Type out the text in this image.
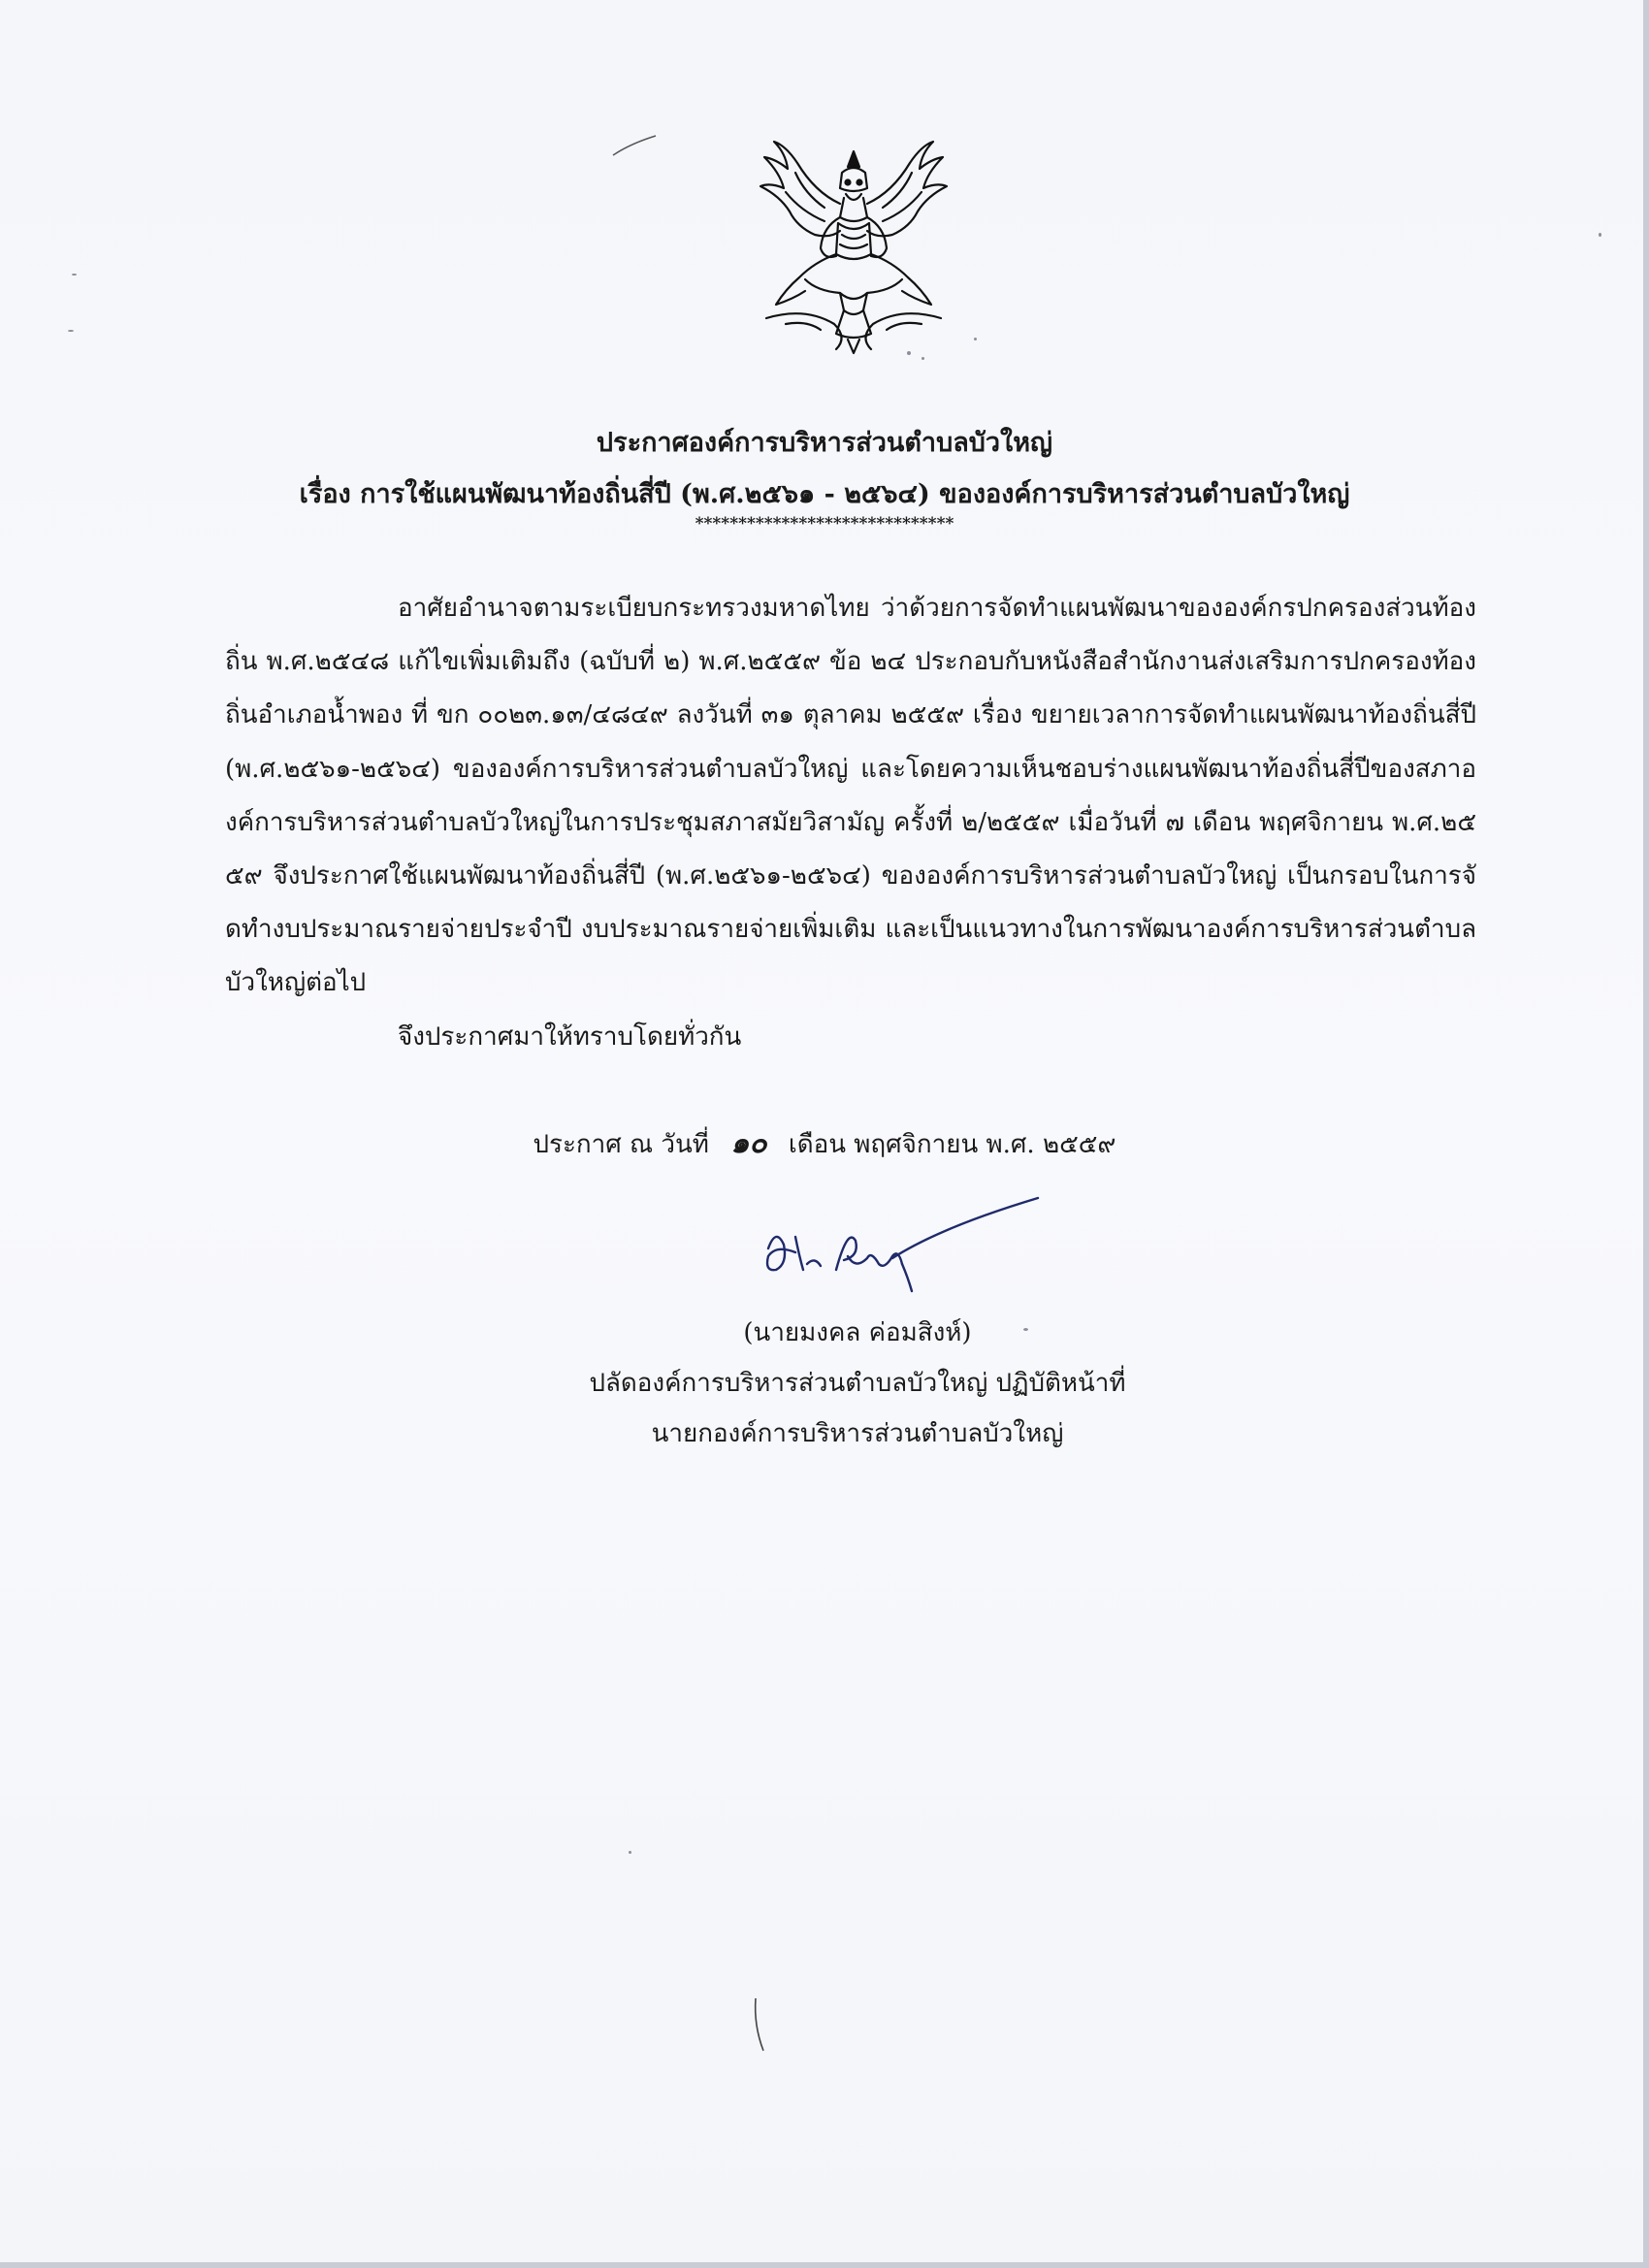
ประกาศองค์การบริหารส่วนตำบลบัวใหญ่
เรื่อง การใช้แผนพัฒนาท้องถิ่นสี่ปี (พ.ศ.๒๕๖๑ - ๒๕๖๔) ขององค์การบริหารส่วนตำบลบัวใหญ่
******************************
อาศัยอำนาจตามระเบียบกระทรวงมหาดไทย ว่าด้วยการจัดทำแผนพัฒนาขององค์กรปกครองส่วนท้องถิ่น พ.ศ.๒๕๔๘ แก้ไขเพิ่มเติมถึง (ฉบับที่ ๒) พ.ศ.๒๕๕๙ ข้อ ๒๔ ประกอบกับหนังสือสำนักงานส่งเสริมการปกครองท้องถิ่นอำเภอน้ำพอง ที่ ขก ๐๐๒๓.๑๓/๔๘๔๙ ลงวันที่ ๓๑ ตุลาคม ๒๕๕๙ เรื่อง ขยายเวลาการจัดทำแผนพัฒนาท้องถิ่นสี่ปี (พ.ศ.๒๕๖๑-๒๕๖๔) ขององค์การบริหารส่วนตำบลบัวใหญ่ และโดยความเห็นชอบร่างแผนพัฒนาท้องถิ่นสี่ปีของสภาองค์การบริหารส่วนตำบลบัวใหญ่ในการประชุมสภาสมัยวิสามัญ ครั้งที่ ๒/๒๕๕๙ เมื่อวันที่ ๗ เดือน พฤศจิกายน พ.ศ.๒๕๕๙ จึงประกาศใช้แผนพัฒนาท้องถิ่นสี่ปี (พ.ศ.๒๕๖๑-๒๕๖๔) ขององค์การบริหารส่วนตำบลบัวใหญ่ เป็นกรอบในการจัดทำงบประมาณรายจ่ายประจำปี งบประมาณรายจ่ายเพิ่มเติม และเป็นแนวทางในการพัฒนาองค์การบริหารส่วนตำบลบัวใหญ่ต่อไป
จึงประกาศมาให้ทราบโดยทั่วกัน
ประกาศ ณ วันที่ ๑๐ เดือน พฤศจิกายน พ.ศ. ๒๕๕๙
(นายมงคล ค่อมสิงห์)
ปลัดองค์การบริหารส่วนตำบลบัวใหญ่ ปฏิบัติหน้าที่
นายกองค์การบริหารส่วนตำบลบัวใหญ่
